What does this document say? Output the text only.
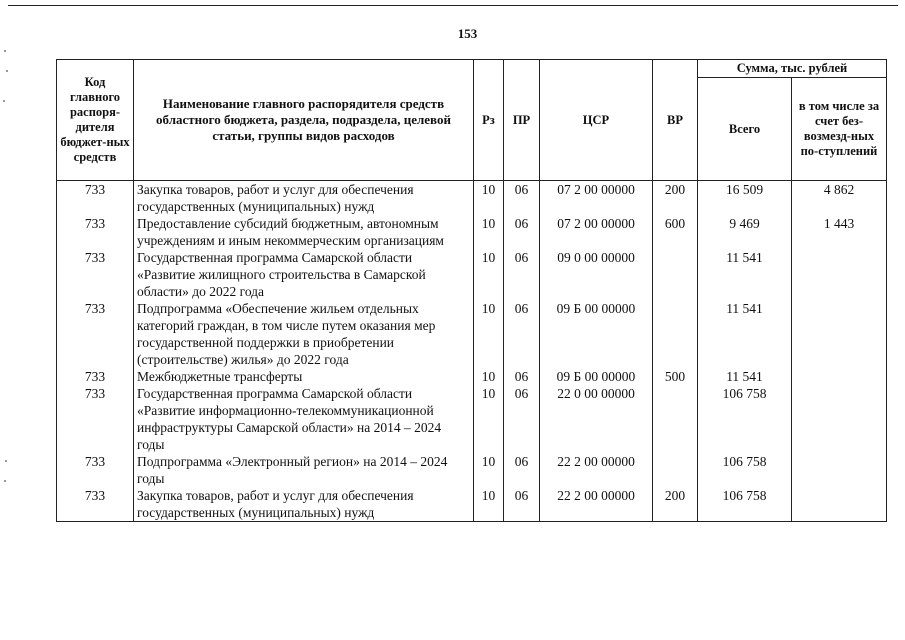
153
Код главного распоря-дителя бюджет-ных средств	Наименование главного распорядителя средств областного бюджета, раздела, подраздела, целевой статьи, группы видов расходов	Рз	ПР	ЦСР	ВР	Сумма, тыс. рублей	
						Всего	в том числе за счет без-возмезд-ных по-ступлений
733	Закупка товаров, работ и услуг для обеспечения государственных (муниципальных) нужд	10	06	07 2 00 00000	200	16 509	4 862
733	Предоставление субсидий бюджетным, автономным учреждениям и иным некоммерческим организациям	10	06	07 2 00 00000	600	9 469	1 443
733	Государственная программа Самарской области «Развитие жилищного строительства в Самарской области» до 2022 года	10	06	09 0 00 00000		11 541	
733	Подпрограмма «Обеспечение жильем отдельных категорий граждан, в том числе путем оказания мер государственной поддержки в приобретении (строительстве) жилья» до 2022 года	10	06	09 Б 00 00000		11 541	
733	Межбюджетные трансферты	10	06	09 Б 00 00000	500	11 541	
733	Государственная программа Самарской области «Развитие информационно-телекоммуникационной инфраструктуры Самарской области» на 2014 – 2024 годы	10	06	22 0 00 00000		106 758	
733	Подпрограмма «Электронный регион» на 2014 – 2024 годы	10	06	22 2 00 00000		106 758	
733	Закупка товаров, работ и услуг для обеспечения государственных (муниципальных) нужд	10	06	22 2 00 00000	200	106 758	
